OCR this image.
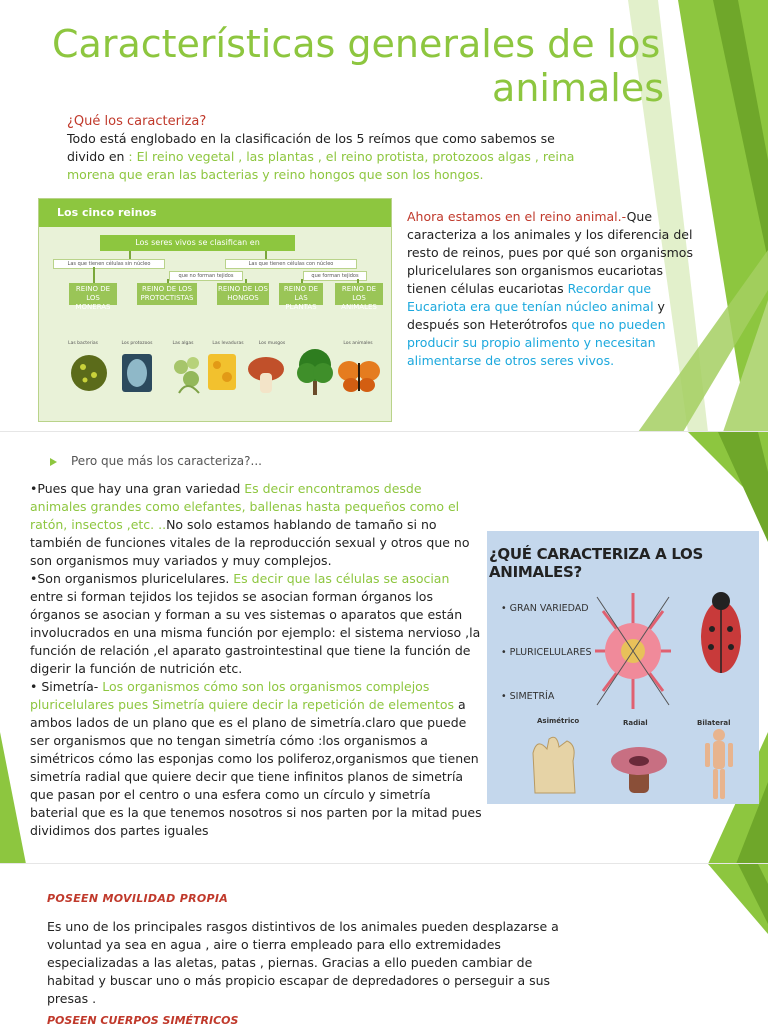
Características generales de los
animales

¿Qué los caracteriza?

Todo está englobado en la clasificación de los 5 reímos que como sabemos se divido en : El reino vegetal , las plantas , el reino protista, protozoos algas , reina morena que eran las bacterias y reino hongos que son los hongos.

Los cinco reinos
Los seres vivos se clasifican en
Las que tienen células sin núcleo	Las que tienen células con núcleo
que no forman tejidos	que forman tejidos
REINO DE LOS MONERAS
REINO DE LOS PROTOCTISTAS
REINO DE LOS HONGOS
REINO DE LAS PLANTAS
REINO DE LOS ANIMALES
Las bacterias	Los protozoos	Las algas	Las levaduras	Los musgos	Los animales

Ahora estamos en el reino animal.-Que caracteriza a los animales y los diferencia del resto de reinos, pues por qué son organismos pluricelulares son organismos eucariotas tienen células eucariotas Recordar que Eucariota era que tenían núcleo animal y después son Heterótrofos que no pueden producir su propio alimento y necesitan alimentarse de otros seres vivos.

Pero que más los caracteriza?...

•Pues que hay una gran variedad Es decir encontramos desde animales grandes como elefantes, ballenas hasta pequeños como el ratón, insectos ,etc. ..No solo estamos hablando de tamaño si no también de funciones vitales de la reproducción sexual y otros que no son organismos muy variados y muy complejos.

•Son organismos pluricelulares. Es decir que las células se asocian entre si forman tejidos los tejidos se asocian forman órganos los órganos se asocian y forman a su ves sistemas o aparatos que están involucrados en una misma función por ejemplo: el sistema nervioso ,la función de relación ,el aparato gastrointestinal que tiene la función de digerir la función de nutrición etc.

• Simetría- Los organismos cómo son los organismos complejos pluricelulares pues Simetría quiere decir la repetición de elementos a ambos lados de un plano que es el plano de simetría.claro que puede ser organismos que no tengan simetría cómo :los organismos a simétricos cómo las esponjas como los poliferoz,organismos que tienen simetría radial que quiere decir que tiene infinitos planos de simetría que pasan por el centro o una esfera como un círculo y simetría baterial que es la que tenemos nosotros si nos parten por la mitad pues dividimos dos partes iguales

¿QUÉ CARACTERIZA A LOS ANIMALES?
• GRAN VARIEDAD
• PLURICELULARES
• SIMETRÍA
Asimétrico	Radial	Bilateral

POSEEN MOVILIDAD PROPIA

Es uno de los principales rasgos distintivos de los animales pueden desplazarse a voluntad ya sea en agua , aire o tierra empleado para ello extremidades especializadas a las aletas, patas , piernas. Gracias a ello pueden cambiar de habitad y buscar uno o más propicio escapar de depredadores o perseguir a sus presas .

POSEEN CUERPOS SIMÉTRICOS
